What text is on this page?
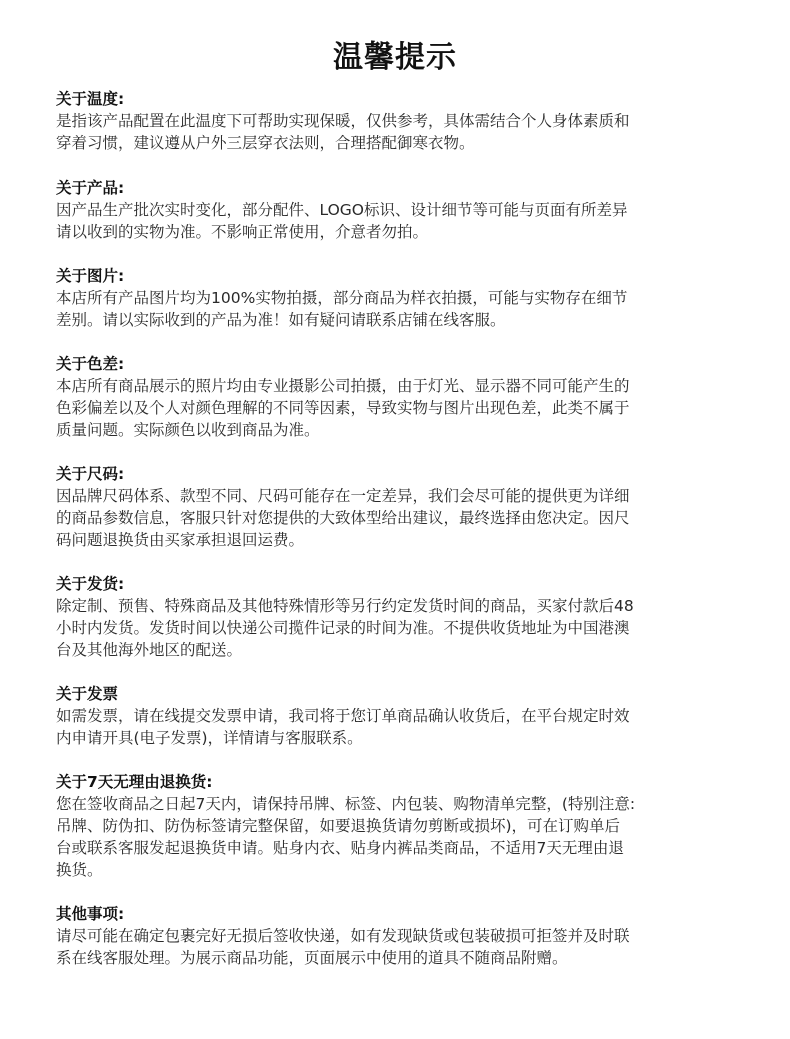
温馨提示

关于温度:

是指该产品配置在此温度下可帮助实现保暖，仅供参考，具体需结合个人身体素质和
穿着习惯，建议遵从户外三层穿衣法则，合理搭配御寒衣物。

关于产品:

因产品生产批次实时变化，部分配件、LOGO标识、设计细节等可能与页面有所差异
请以收到的实物为准。不影响正常使用，介意者勿拍。

关于图片:

本店所有产品图片均为100%实物拍摄，部分商品为样衣拍摄，可能与实物存在细节
差别。请以实际收到的产品为准！如有疑问请联系店铺在线客服。

关于色差:

本店所有商品展示的照片均由专业摄影公司拍摄，由于灯光、显示器不同可能产生的
色彩偏差以及个人对颜色理解的不同等因素，导致实物与图片出现色差，此类不属于
质量问题。实际颜色以收到商品为准。

关于尺码:

因品牌尺码体系、款型不同、尺码可能存在一定差异，我们会尽可能的提供更为详细
的商品参数信息，客服只针对您提供的大致体型给出建议，最终选择由您决定。因尺
码问题退换货由买家承担退回运费。

关于发货:

除定制、预售、特殊商品及其他特殊情形等另行约定发货时间的商品，买家付款后48
小时内发货。发货时间以快递公司揽件记录的时间为准。不提供收货地址为中国港澳
台及其他海外地区的配送。

关于发票

如需发票，请在线提交发票申请，我司将于您订单商品确认收货后，在平台规定时效
内申请开具(电子发票)，详情请与客服联系。

关于7天无理由退换货:

您在签收商品之日起7天内，请保持吊牌、标签、内包装、购物清单完整，(特别注意:
吊牌、防伪扣、防伪标签请完整保留，如要退换货请勿剪断或损坏)，可在订购单后
台或联系客服发起退换货申请。贴身内衣、贴身内裤品类商品，不适用7天无理由退
换货。

其他事项:

请尽可能在确定包裹完好无损后签收快递，如有发现缺货或包装破损可拒签并及时联
系在线客服处理。为展示商品功能，页面展示中使用的道具不随商品附赠。
